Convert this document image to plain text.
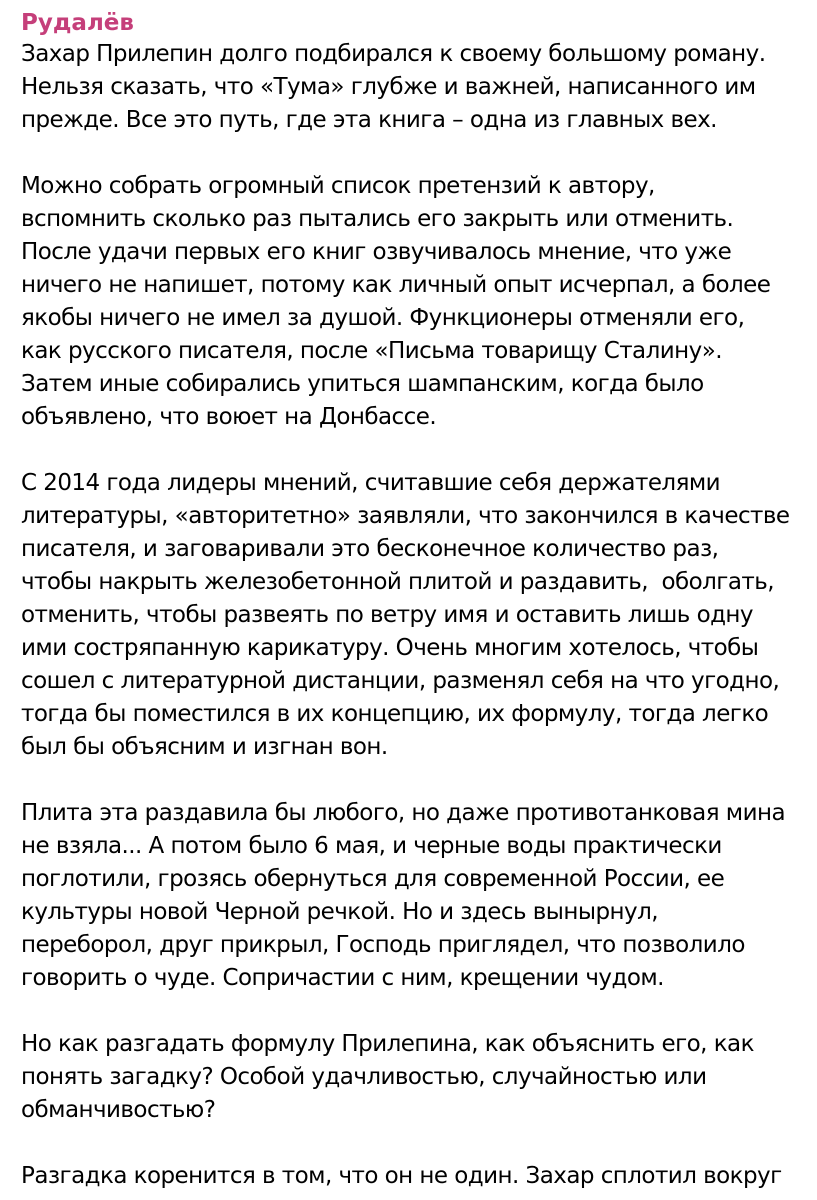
Рудалёв
Захар Прилепин долго подбирался к своему большому роману.
Нельзя сказать, что «Тума» глубже и важней, написанного им
прежде. Все это путь, где эта книга – одна из главных вех.
Можно собрать огромный список претензий к автору,
вспомнить сколько раз пытались его закрыть или отменить.
После удачи первых его книг озвучивалось мнение, что уже
ничего не напишет, потому как личный опыт исчерпал, а более
якобы ничего не имел за душой. Функционеры отменяли его,
как русского писателя, после «Письма товарищу Сталину».
Затем иные собирались упиться шампанским, когда было
объявлено, что воюет на Донбассе.
С 2014 года лидеры мнений, считавшие себя держателями
литературы, «авторитетно» заявляли, что закончился в качестве
писателя, и заговаривали это бесконечное количество раз,
чтобы накрыть железобетонной плитой и раздавить,  оболгать,
отменить, чтобы развеять по ветру имя и оставить лишь одну
ими состряпанную карикатуру. Очень многим хотелось, чтобы
сошел с литературной дистанции, разменял себя на что угодно,
тогда бы поместился в их концепцию, их формулу, тогда легко
был бы объясним и изгнан вон.
Плита эта раздавила бы любого, но даже противотанковая мина
не взяла... А потом было 6 мая, и черные воды практически
поглотили, грозясь обернуться для современной России, ее
культуры новой Черной речкой. Но и здесь вынырнул,
переборол, друг прикрыл, Господь приглядел, что позволило
говорить о чуде. Сопричастии с ним, крещении чудом.
Но как разгадать формулу Прилепина, как объяснить его, как
понять загадку? Особой удачливостью, случайностью или
обманчивостью?
Разгадка коренится в том, что он не один. Захар сплотил вокруг
